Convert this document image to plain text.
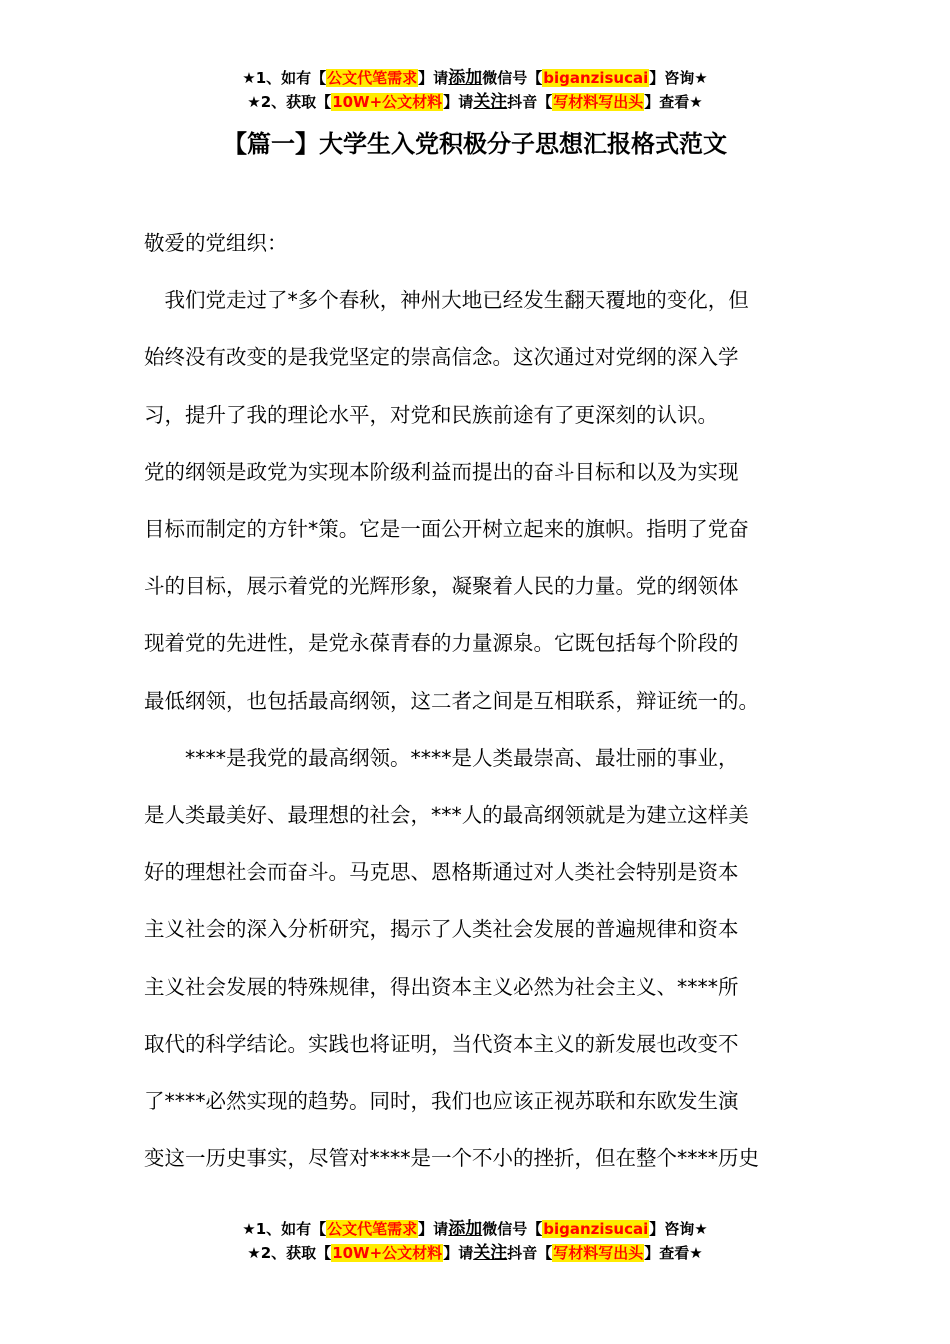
★1、如有【公文代笔需求】请添加微信号【biganzisucai】咨询★
★2、获取【10W+公文材料】请关注抖音【写材料写出头】查看★
【篇一】大学生入党积极分子思想汇报格式范文

敬爱的党组织：

　我们党走过了*多个春秋，神州大地已经发生翻天覆地的变化，但
始终没有改变的是我党坚定的崇高信念。这次通过对党纲的深入学
习，提升了我的理论水平，对党和民族前途有了更深刻的认识。

党的纲领是政党为实现本阶级利益而提出的奋斗目标和以及为实现
目标而制定的方针*策。它是一面公开树立起来的旗帜。指明了党奋
斗的目标，展示着党的光辉形象，凝聚着人民的力量。党的纲领体
现着党的先进性，是党永葆青春的力量源泉。它既包括每个阶段的
最低纲领，也包括最高纲领，这二者之间是互相联系，辩证统一的。

　　****是我党的最高纲领。****是人类最崇高、最壮丽的事业，
是人类最美好、最理想的社会，***人的最高纲领就是为建立这样美
好的理想社会而奋斗。马克思、恩格斯通过对人类社会特别是资本
主义社会的深入分析研究，揭示了人类社会发展的普遍规律和资本
主义社会发展的特殊规律，得出资本主义必然为社会主义、****所
取代的科学结论。实践也将证明，当代资本主义的新发展也改变不
了****必然实现的趋势。同时，我们也应该正视苏联和东欧发生演
变这一历史事实，尽管对****是一个不小的挫折，但在整个****历史

★1、如有【公文代笔需求】请添加微信号【biganzisucai】咨询★
★2、获取【10W+公文材料】请关注抖音【写材料写出头】查看★
